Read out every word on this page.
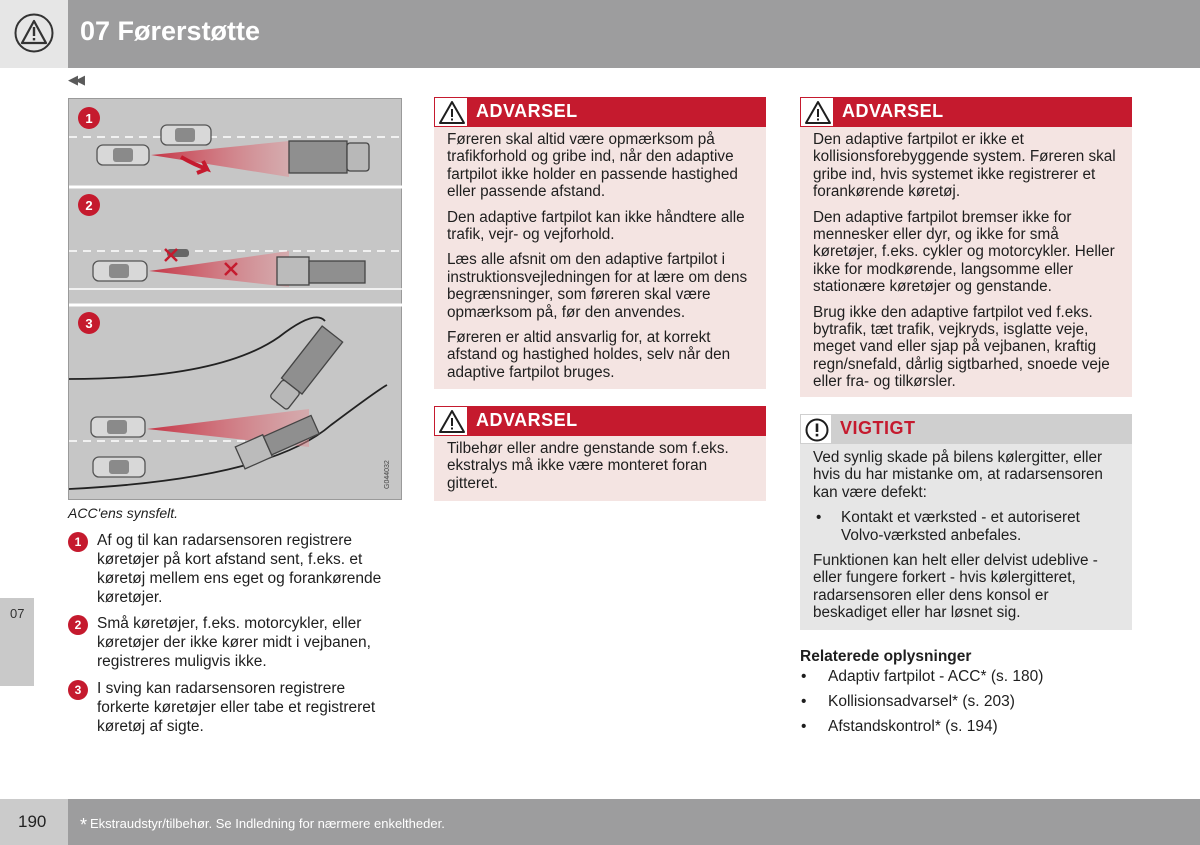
07 Førerstøtte
◀◀
07
1
2
3
G044032
ACC'ens synsfelt.
1	Af og til kan radarsensoren registrere køretøjer på kort afstand sent, f.eks. et køretøj mellem ens eget og forankørende køretøjer.
2	Små køretøjer, f.eks. motorcykler, eller køretøjer der ikke kører midt i vejbanen, registreres muligvis ikke.
3	I sving kan radarsensoren registrere forkerte køretøjer eller tabe et registreret køretøj af sigte.
ADVARSEL

Føreren skal altid være opmærksom på trafikforhold og gribe ind, når den adaptive fartpilot ikke holder en passende hastighed eller passende afstand.

Den adaptive fartpilot kan ikke håndtere alle trafik, vejr- og vejforhold.

Læs alle afsnit om den adaptive fartpilot i instruktionsvejledningen for at lære om dens begrænsninger, som føreren skal være opmærksom på, før den anvendes.

Føreren er altid ansvarlig for, at korrekt afstand og hastighed holdes, selv når den adaptive fartpilot bruges.

ADVARSEL

Tilbehør eller andre genstande som f.eks. ekstralys må ikke være monteret foran gitteret.

ADVARSEL

Den adaptive fartpilot er ikke et kollisionsforebyggende system. Føreren skal gribe ind, hvis systemet ikke registrerer et forankørende køretøj.

Den adaptive fartpilot bremser ikke for mennesker eller dyr, og ikke for små køretøjer, f.eks. cykler og motorcykler. Heller ikke for modkørende, langsomme eller stationære køretøjer og genstande.

Brug ikke den adaptive fartpilot ved f.eks. bytrafik, tæt trafik, vejkryds, isglatte veje, meget vand eller sjap på vejbanen, kraftig regn/snefald, dårlig sigtbarhed, snoede veje eller fra- og tilkørsler.

VIGTIGT

Ved synlig skade på bilens kølergitter, eller hvis du har mistanke om, at radarsensoren kan være defekt:

• Kontakt et værksted - et autoriseret Volvo-værksted anbefales.

Funktionen kan helt eller delvist udeblive - eller fungere forkert - hvis kølergitteret, radarsensoren eller dens konsol er beskadiget eller har løsnet sig.

Relaterede oplysninger
• Adaptiv fartpilot - ACC* (s. 180)
• Kollisionsadvarsel* (s. 203)
• Afstandskontrol* (s. 194)
190 * Ekstraudstyr/tilbehør. Se Indledning for nærmere enkeltheder.
